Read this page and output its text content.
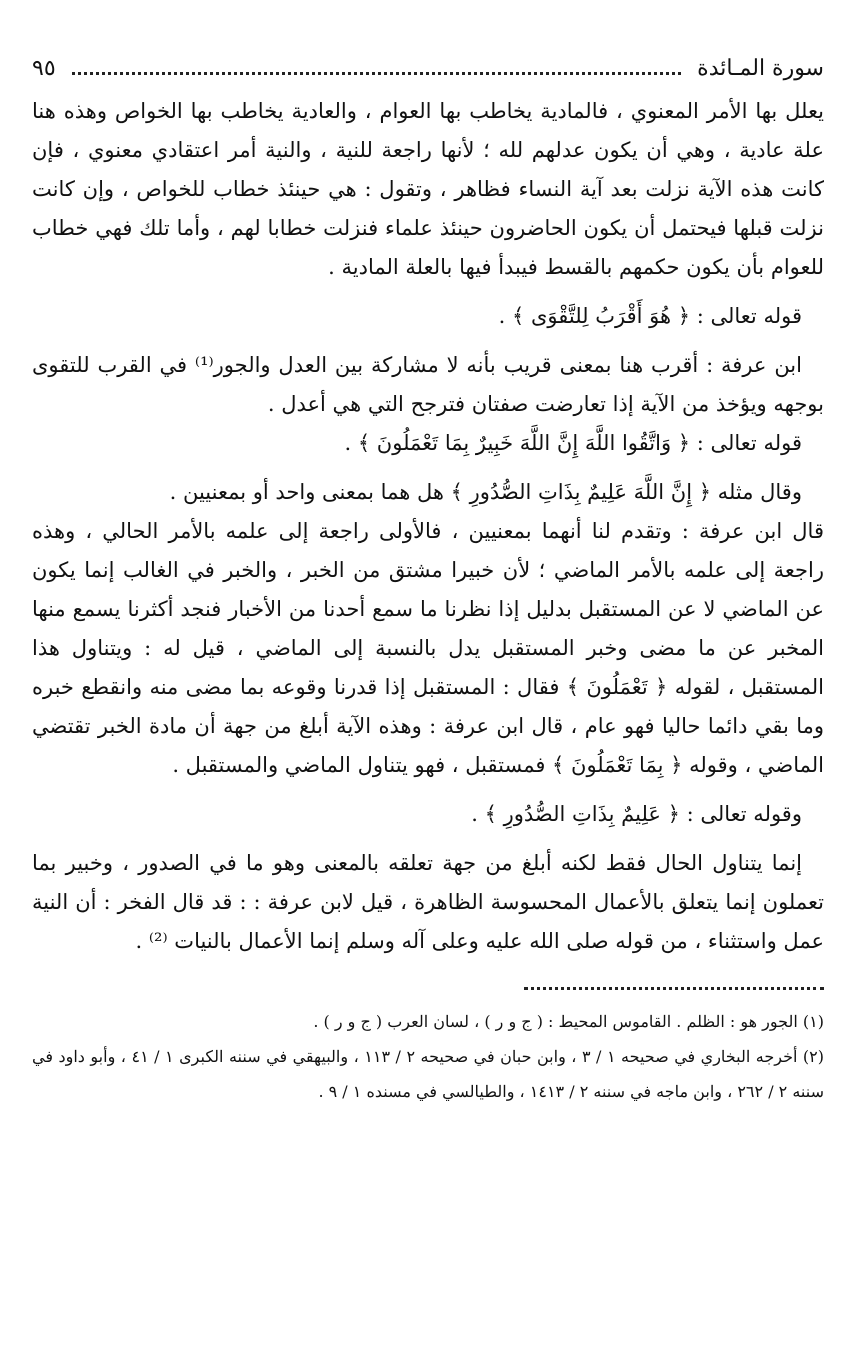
سورة المـائدة
٩٥

يعلل بها الأمر المعنوي ، فالمادية يخاطب بها العوام ، والعادية يخاطب بها الخواص وهذه هنا علة عادية ، وهي أن يكون عدلهم لله ؛ لأنها راجعة للنية ، والنية أمر اعتقادي معنوي ، فإن كانت هذه الآية نزلت بعد آية النساء فظاهر ، وتقول : هي حينئذ خطاب للخواص ، وإن كانت نزلت قبلها فيحتمل أن يكون الحاضرون حينئذ علماء فنزلت خطابا لهم ، وأما تلك فهي خطاب للعوام بأن يكون حكمهم بالقسط فيبدأ فيها بالعلة المادية .

قوله تعالى : ﴿ هُوَ أَقْرَبُ لِلتَّقْوَى ﴾ .

ابن عرفة : أقرب هنا بمعنى قريب بأنه لا مشاركة بين العدل والجور⁽¹⁾ في القرب للتقوى بوجهه ويؤخذ من الآية إذا تعارضت صفتان فترجح التي هي أعدل .

قوله تعالى : ﴿ وَاتَّقُوا اللَّهَ إِنَّ اللَّهَ خَبِيرٌ بِمَا تَعْمَلُونَ ﴾ .

وقال مثله ﴿ إِنَّ اللَّهَ عَلِيمٌ بِذَاتِ الصُّدُورِ ﴾ هل هما بمعنى واحد أو بمعنيين .

قال ابن عرفة : وتقدم لنا أنهما بمعنيين ، فالأولى راجعة إلى علمه بالأمر الحالي ، وهذه راجعة إلى علمه بالأمر الماضي ؛ لأن خبيرا مشتق من الخبر ، والخبر في الغالب إنما يكون عن الماضي لا عن المستقبل بدليل إذا نظرنا ما سمع أحدنا من الأخبار فنجد أكثرنا يسمع منها المخبر عن ما مضى وخبر المستقبل يدل بالنسبة إلى الماضي ، قيل له : ويتناول هذا المستقبل ، لقوله ﴿ تَعْمَلُونَ ﴾ فقال : المستقبل إذا قدرنا وقوعه بما مضى منه وانقطع خبره وما بقي دائما حاليا فهو عام ، قال ابن عرفة : وهذه الآية أبلغ من جهة أن مادة الخبر تقتضي الماضي ، وقوله ﴿ بِمَا تَعْمَلُونَ ﴾ فمستقبل ، فهو يتناول الماضي والمستقبل .

وقوله تعالى : ﴿ عَلِيمٌ بِذَاتِ الصُّدُورِ ﴾ .

إنما يتناول الحال فقط لكنه أبلغ من جهة تعلقه بالمعنى وهو ما في الصدور ، وخبير بما تعملون إنما يتعلق بالأعمال المحسوسة الظاهرة ، قيل لابن عرفة : : قد قال الفخر : أن النية عمل واستثناء ، من قوله صلى الله عليه وعلى آله وسلم إنما الأعمال بالنيات ⁽²⁾ .

(١) الجور هو : الظلم . القاموس المحيط : ( ج و ر ) ، لسان العرب ( ج و ر ) .

(٢) أخرجه البخاري في صحيحه ١ / ٣ ، وابن حبان في صحيحه ٢ / ١١٣ ، والبيهقي في سننه الكبرى ١ / ٤١ ، وأبو داود في سننه ٢ / ٢٦٢ ، وابن ماجه في سننه ٢ / ١٤١٣ ، والطيالسي في مسنده ١ / ٩ .
